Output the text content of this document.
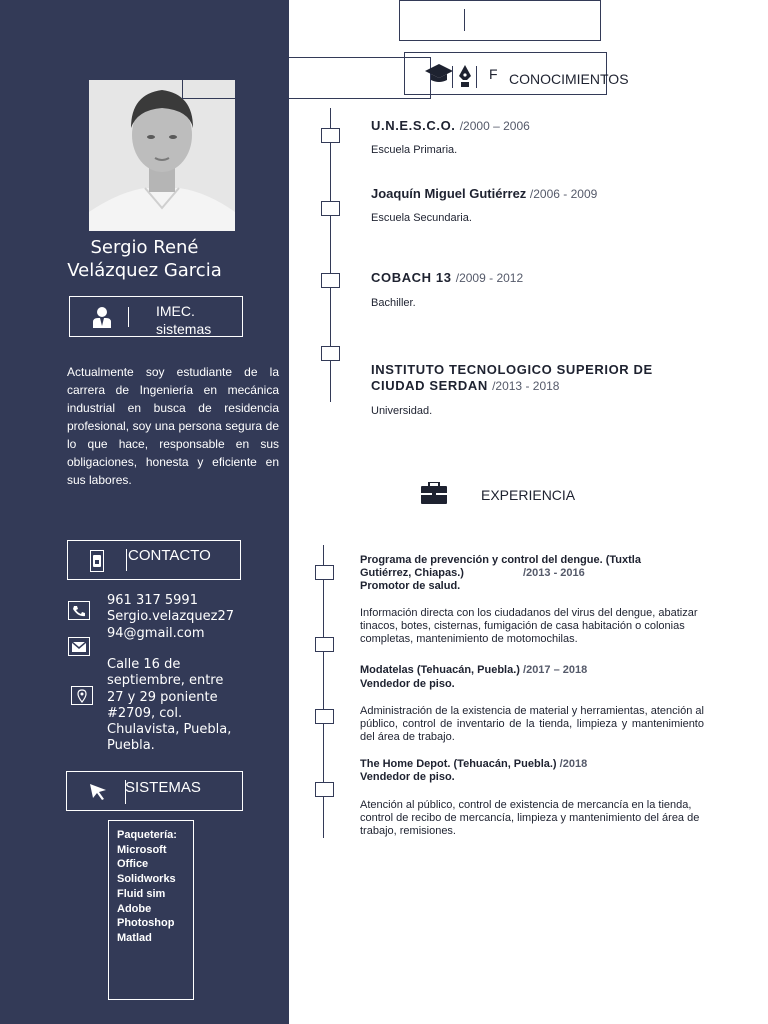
Sergio René
Velázquez Garcia
IMEC. sistemas
Actualmente soy estudiante de la carrera de Ingeniería en mecánica industrial en busca de residencia profesional, soy una persona segura de lo que hace, responsable en sus obligaciones, honesta y eficiente en sus labores.
CONTACTO
961 317 5991
Sergio.velazquez2794@gmail.com
Calle 16 de septiembre, entre 27 y 29 poniente #2709, col. Chulavista, Puebla, Puebla.
SISTEMAS
Paquetería:
Microsoft
Office
Solidworks
Fluid sim
Adobe
Photoshop
Matlad
F CONOCIMIENTOS
U.N.E.S.C.O. /2000 – 2006
Escuela Primaria.
Joaquín Miguel Gutiérrez /2006 - 2009
Escuela Secundaria.
COBACH 13 /2009 - 2012
Bachiller.
INSTITUTO TECNOLOGICO SUPERIOR DE
CIUDAD SERDAN /2013 - 2018
Universidad.
EXPERIENCIA
Programa de prevención y control del dengue. (Tuxtla
Gutiérrez, Chiapas.)	/2013 - 2016
Promotor de salud.
Información directa con los ciudadanos del virus del dengue, abatizar tinacos, botes, cisternas, fumigación de casa habitación o colonias completas, mantenimiento de motomochilas.
Modatelas (Tehuacán, Puebla.) /2017 – 2018
Vendedor de piso.
Administración de la existencia de material y herramientas, atención al público, control de inventario de la tienda, limpieza y mantenimiento del área de trabajo.
The Home Depot. (Tehuacán, Puebla.) /2018
Vendedor de piso.
Atención al público, control de existencia de mercancía en la tienda, control de recibo de mercancía, limpieza y mantenimiento del área de trabajo, remisiones.
